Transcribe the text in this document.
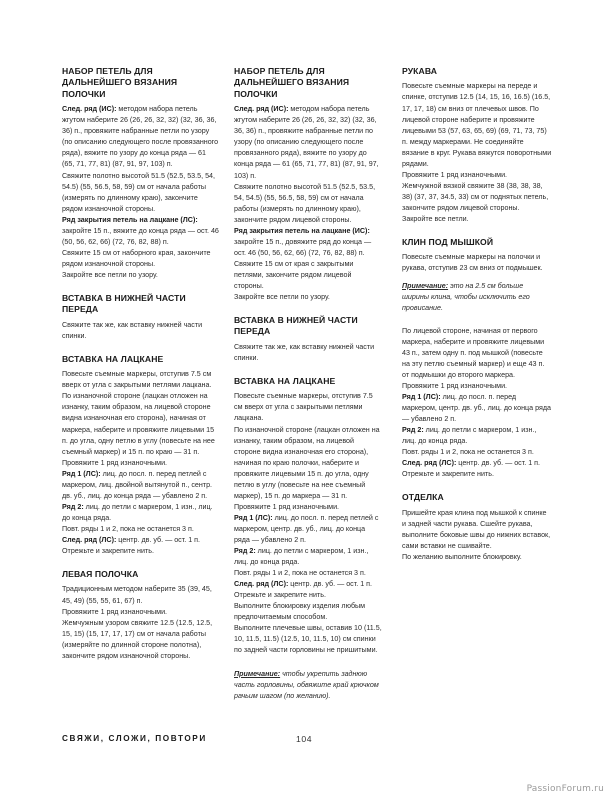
НАБОР ПЕТЕЛЬ ДЛЯ ДАЛЬНЕЙШЕГО ВЯЗАНИЯ ПОЛОЧКИ

След. ряд (ИС): методом набора петель жгутом наберите 26 (26, 26, 32, 32) (32, 36, 36, 36) п., провяжите набранные петли по узору (по описанию следующего после провязанного ряда), вяжите по узору до конца ряда — 61 (65, 71, 77, 81) (87, 91, 97, 103) п.

Свяжите полотно высотой 51.5 (52.5, 53.5, 54, 54.5) (55, 56.5, 58, 59) см от начала работы (измерять по длинному краю), закончите рядом изнаночной стороны.

Ряд закрытия петель на лацкане (ЛС): закройте 15 п., вяжите до конца ряда — ост. 46 (50, 56, 62, 66) (72, 76, 82, 88) п.

Свяжите 15 см от наборного края, закончите рядом изнаночной стороны.

Закройте все петли по узору.

ВСТАВКА В НИЖНЕЙ ЧАСТИ ПЕРЕДА

Свяжите так же, как вставку нижней части спинки.

ВСТАВКА НА ЛАЦКАНЕ

Повесьте съемные маркеры, отступив 7.5 см вверх от угла с закрытыми петлями лацкана.

По изнаночной стороне (лацкан отложен на изнанку, таким образом, на лицевой стороне видна изнаночная его сторона), начиная от маркера, наберите и провяжите лицевыми 15 п. до угла, одну петлю в углу (повесьте на нее съемный маркер) и 15 п. по краю — 31 п.

Провяжите 1 ряд изнаночными.

Ряд 1 (ЛС): лиц. до посл. п. перед петлей с маркером, лиц. двойной вытянутой п., сентр. дв. уб., лиц. до конца ряда — убавлено 2 п.

Ряд 2: лиц. до петли с маркером, 1 изн., лиц. до конца ряда.

Повт. ряды 1 и 2, пока не останется 3 п.

След. ряд (ЛС): центр. дв. уб. — ост. 1 п.

Отрежьте и закрепите нить.

ЛЕВАЯ ПОЛОЧКА

Традиционным методом наберите 35 (39, 45, 45, 49) (55, 55, 61, 67) п.

Провяжите 1 ряд изнаночными.

Жемчужным узором свяжите 12.5 (12.5, 12.5, 15, 15) (15, 17, 17, 17) см от начала работы (измеряйте по длинной стороне полотна), закончите рядом изнаночной стороны.

НАБОР ПЕТЕЛЬ ДЛЯ ДАЛЬНЕЙШЕГО ВЯЗАНИЯ ПОЛОЧКИ

След. ряд (ИС): методом набора петель жгутом наберите 26 (26, 26, 32, 32) (32, 36, 36, 36) п., провяжите набранные петли по узору (по описанию следующего после провязанного ряда), вяжите по узору до конца ряда — 61 (65, 71, 77, 81) (87, 91, 97, 103) п.

Свяжите полотно высотой 51.5 (52.5, 53.5, 54, 54.5) (55, 56.5, 58, 59) см от начала работы (измерять по длинному краю), закончите рядом лицевой стороны.

Ряд закрытия петель на лацкане (ИС): закройте 15 п., довяжите ряд до конца — ост. 46 (50, 56, 62, 66) (72, 76, 82, 88) п.

Свяжите 15 см от края с закрытыми петлями, закончите рядом лицевой стороны.

Закройте все петли по узору.

ВСТАВКА В НИЖНЕЙ ЧАСТИ ПЕРЕДА

Свяжите так же, как вставку нижней части спинки.

ВСТАВКА НА ЛАЦКАНЕ

Повесьте съемные маркеры, отступив 7.5 см вверх от угла с закрытыми петлями лацкана.

По изнаночной стороне (лацкан отложен на изнанку, таким образом, на лицевой стороне видна изнаночная его сторона), начиная по краю полочки, наберите и провяжите лицевыми 15 п. до угла, одну петлю в углу (повесьте на нее съемный маркер), 15 п. до маркера — 31 п.

Провяжите 1 ряд изнаночными.

Ряд 1 (ЛС): лиц. до посл. п. перед петлей с маркером, центр. дв. уб., лиц. до конца ряда — убавлено 2 п.

Ряд 2: лиц. до петли с маркером, 1 изн., лиц. до конца ряда.

Повт. ряды 1 и 2, пока не останется 3 п.

След. ряд (ЛС): центр. дв. уб. — ост. 1 п.

Отрежьте и закрепите нить.

Выполните блокировку изделия любым предпочитаемым способом.

Выполните плечевые швы, оставив 10 (11.5, 10, 11.5, 11.5) (12.5, 10, 11.5, 10) см спинки по задней части горловины не пришитыми.

Примечание: чтобы укрепить заднюю часть горловины, обвяжите край крючком рачьим шагом (по желанию).

РУКАВА

Повесьте съемные маркеры на переде и спинке, отступив 12.5 (14, 15, 16, 16.5) (16.5, 17, 17, 18) см вниз от плечевых швов. По лицевой стороне наберите и провяжите лицевыми 53 (57, 63, 65, 69) (69, 71, 73, 75) п. между маркерами. Не соединяйте вязание в круг. Рукава вяжутся поворотными рядами.

Провяжите 1 ряд изнаночными.

Жемчужной вязкой свяжите 38 (38, 38, 38, 38) (37, 37, 34.5, 33) см от поднятых петель, закончите рядом лицевой стороны.

Закройте все петли.

КЛИН ПОД МЫШКОЙ

Повесьте съемные маркеры на полочки и рукава, отступив 23 см вниз от подмышек.

Примечание: это на 2.5 см больше ширины клина, чтобы исключить его провисание.

По лицевой стороне, начиная от первого маркера, наберите и провяжите лицевыми 43 п., затем одну п. под мышкой (повесьте на эту петлю съемный маркер) и еще 43 п. от подмышки до второго маркера.

Провяжите 1 ряд изнаночными.

Ряд 1 (ЛС): лиц. до посл. п. перед маркером, центр. дв. уб., лиц. до конца ряда — убавлено 2 п.

Ряд 2: лиц. до петли с маркером, 1 изн., лиц. до конца ряда.

Повт. ряды 1 и 2, пока не останется 3 п.

След. ряд (ЛС): центр. дв. уб. — ост. 1 п.

Отрежьте и закрепите нить.

ОТДЕЛКА

Пришейте края клина под мышкой к спинке и задней части рукава. Сшейте рукава, выполните боковые швы до нижних вставок, сами вставки не сшивайте.

По желанию выполните блокировку.

СВЯЖИ, СЛОЖИ, ПОВТОРИ	104
PassionForum.ru
